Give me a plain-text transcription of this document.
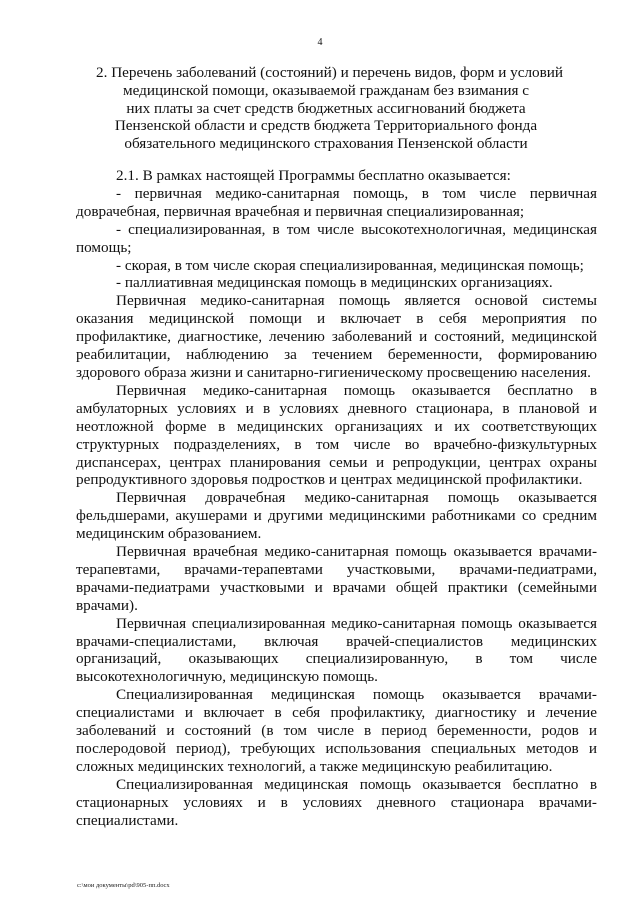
4
2. Перечень заболеваний (состояний) и перечень видов, форм и условий
медицинской помощи, оказываемой гражданам без взимания с
них платы за счет средств бюджетных ассигнований бюджета
Пензенской области и средств бюджета Территориального фонда
обязательного медицинского страхования Пензенской области

2.1. В рамках настоящей Программы бесплатно оказывается:

- первичная медико-санитарная помощь, в том числе первичная доврачебная, первичная врачебная и первичная специализированная;

- специализированная, в том числе высокотехнологичная, медицинская помощь;

- скорая, в том числе скорая специализированная, медицинская помощь;

- паллиативная медицинская помощь в медицинских организациях.

Первичная медико-санитарная помощь является основой системы оказания медицинской помощи и включает в себя мероприятия по профилактике, диагностике, лечению заболеваний и состояний, медицинской реабилитации, наблюдению за течением беременности, формированию здорового образа жизни и санитарно-гигиеническому просвещению населения.

Первичная медико-санитарная помощь оказывается бесплатно в амбулаторных условиях и в условиях дневного стационара, в плановой и неотложной форме в медицинских организациях и их соответствующих структурных подразделениях, в том числе во врачебно-физкультурных диспансерах, центрах планирования семьи и репродукции, центрах охраны репродуктивного здоровья подростков и центрах медицинской профилактики.

Первичная доврачебная медико-санитарная помощь оказывается фельдшерами, акушерами и другими медицинскими работниками со средним медицинским образованием.

Первичная врачебная медико-санитарная помощь оказывается врачами-терапевтами, врачами-терапевтами участковыми, врачами-педиатрами, врачами-педиатрами участковыми и врачами общей практики (семейными врачами).

Первичная специализированная медико-санитарная помощь оказывается врачами-специалистами, включая врачей-специалистов медицинских организаций, оказывающих специализированную, в том числе высокотехнологичную, медицинскую помощь.

Специализированная медицинская помощь оказывается врачами-специалистами и включает в себя профилактику, диагностику и лечение заболеваний и состояний (в том числе в период беременности, родов и послеродовой период), требующих использования специальных методов и сложных медицинских технологий, а также медицинскую реабилитацию.

Специализированная медицинская помощь оказывается бесплатно в стационарных условиях и в условиях дневного стационара врачами-специалистами.

c:\мои документы\pd\905-пп.docx
